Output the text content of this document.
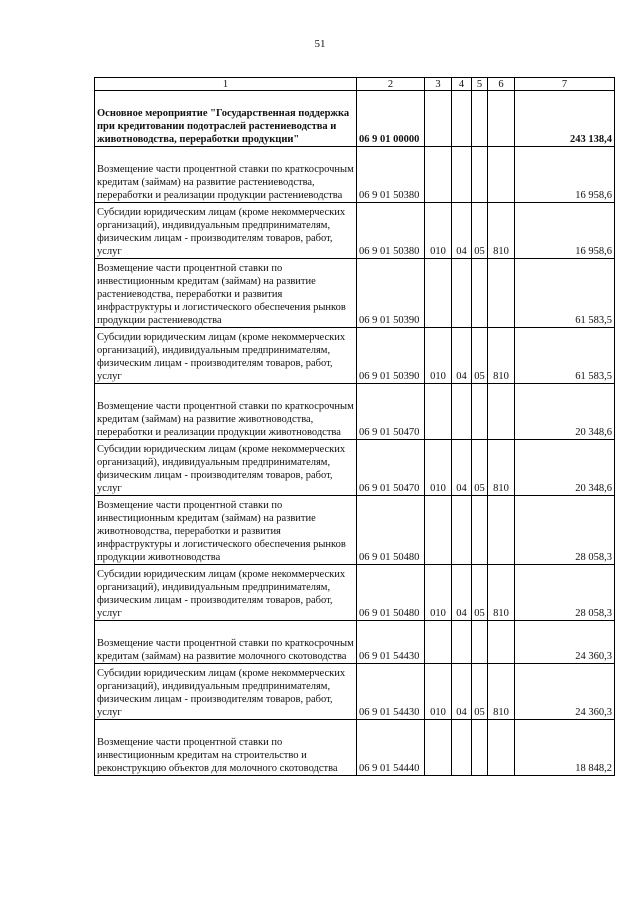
51
1	2	3	4	5	6	7
Основное мероприятие "Государственная поддержка при кредитовании подотраслей растениеводства и животноводства, переработки продукции"	06 9 01 00000					243 138,4
Возмещение части процентной ставки по краткосрочным кредитам (займам) на развитие растениеводства, переработки и реализации продукции растениеводства	06 9 01 50380					16 958,6
Субсидии юридическим лицам (кроме некоммерческих организаций), индивидуальным предпринимателям, физическим лицам - производителям товаров, работ, услуг	06 9 01 50380	010	04	05	810	16 958,6
Возмещение части процентной ставки по инвестиционным кредитам (займам) на развитие растениеводства, переработки и развития инфраструктуры и логистического обеспечения рынков продукции растениеводства	06 9 01 50390					61 583,5
Субсидии юридическим лицам (кроме некоммерческих организаций), индивидуальным предпринимателям, физическим лицам - производителям товаров, работ, услуг	06 9 01 50390	010	04	05	810	61 583,5
Возмещение части процентной ставки по краткосрочным кредитам (займам) на развитие животноводства, переработки и реализации продукции животноводства	06 9 01 50470					20 348,6
Субсидии юридическим лицам (кроме некоммерческих организаций), индивидуальным предпринимателям, физическим лицам - производителям товаров, работ, услуг	06 9 01 50470	010	04	05	810	20 348,6
Возмещение части процентной ставки по инвестиционным кредитам (займам) на развитие животноводства, переработки и развития инфраструктуры и логистического обеспечения рынков продукции животноводства	06 9 01 50480					28 058,3
Субсидии юридическим лицам (кроме некоммерческих организаций), индивидуальным предпринимателям, физическим лицам - производителям товаров, работ, услуг	06 9 01 50480	010	04	05	810	28 058,3
Возмещение части процентной ставки по краткосрочным кредитам (займам) на развитие молочного скотоводства	06 9 01 54430					24 360,3
Субсидии юридическим лицам (кроме некоммерческих организаций), индивидуальным предпринимателям, физическим лицам - производителям товаров, работ, услуг	06 9 01 54430	010	04	05	810	24 360,3
Возмещение части процентной ставки по инвестиционным кредитам на строительство и реконструкцию объектов для молочного скотоводства	06 9 01 54440					18 848,2
